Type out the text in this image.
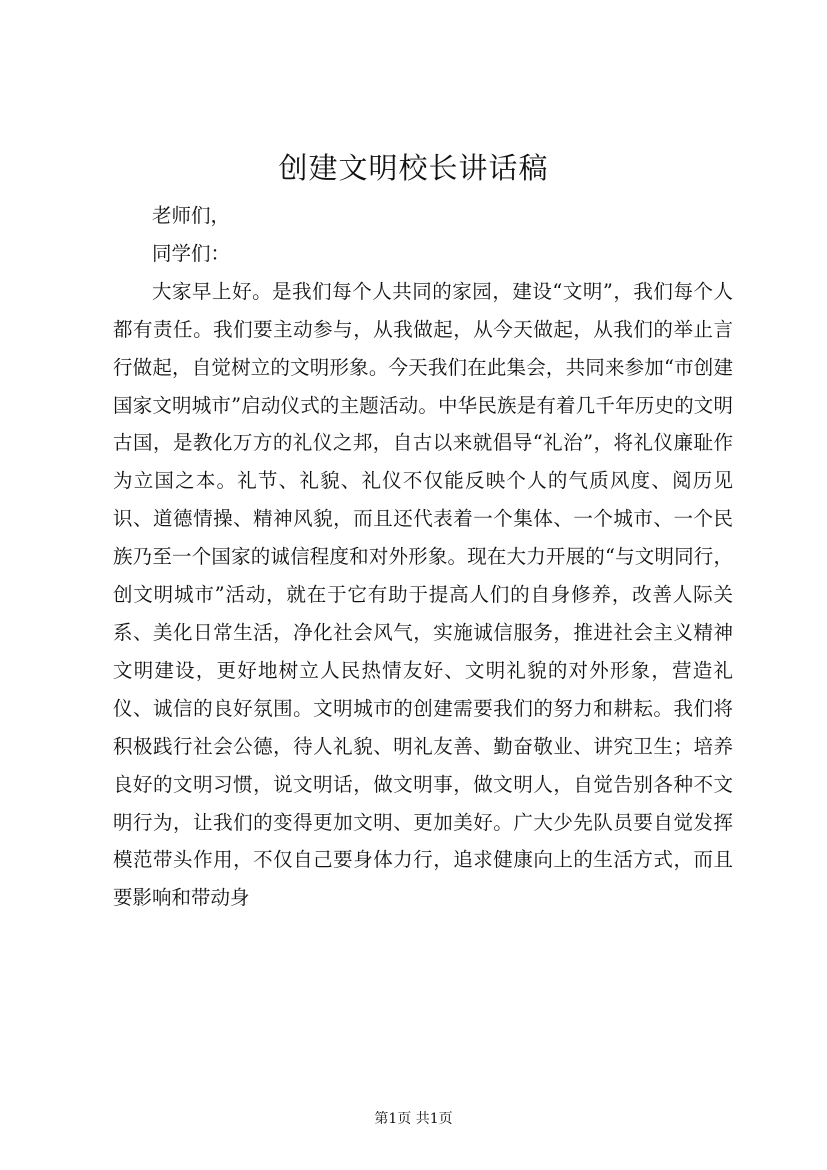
创建文明校长讲话稿

老师们，

同学们：

大家早上好。是我们每个人共同的家园，建设“文明”，我们每个人都有责任。我们要主动参与，从我做起，从今天做起，从我们的举止言行做起，自觉树立的文明形象。今天我们在此集会，共同来参加“市创建国家文明城市”启动仪式的主题活动。中华民族是有着几千年历史的文明古国，是教化万方的礼仪之邦，自古以来就倡导“礼治”，将礼仪廉耻作为立国之本。礼节、礼貌、礼仪不仅能反映个人的气质风度、阅历见识、道德情操、精神风貌，而且还代表着一个集体、一个城市、一个民族乃至一个国家的诚信程度和对外形象。现在大力开展的“与文明同行，创文明城市”活动，就在于它有助于提高人们的自身修养，改善人际关系、美化日常生活，净化社会风气，实施诚信服务，推进社会主义精神文明建设，更好地树立人民热情友好、文明礼貌的对外形象，营造礼仪、诚信的良好氛围。文明城市的创建需要我们的努力和耕耘。我们将积极践行社会公德，待人礼貌、明礼友善、勤奋敬业、讲究卫生；培养良好的文明习惯，说文明话，做文明事，做文明人，自觉告别各种不文明行为，让我们的变得更加文明、更加美好。广大少先队员要自觉发挥模范带头作用，不仅自己要身体力行，追求健康向上的生活方式，而且要影响和带动身

第1页 共1页
